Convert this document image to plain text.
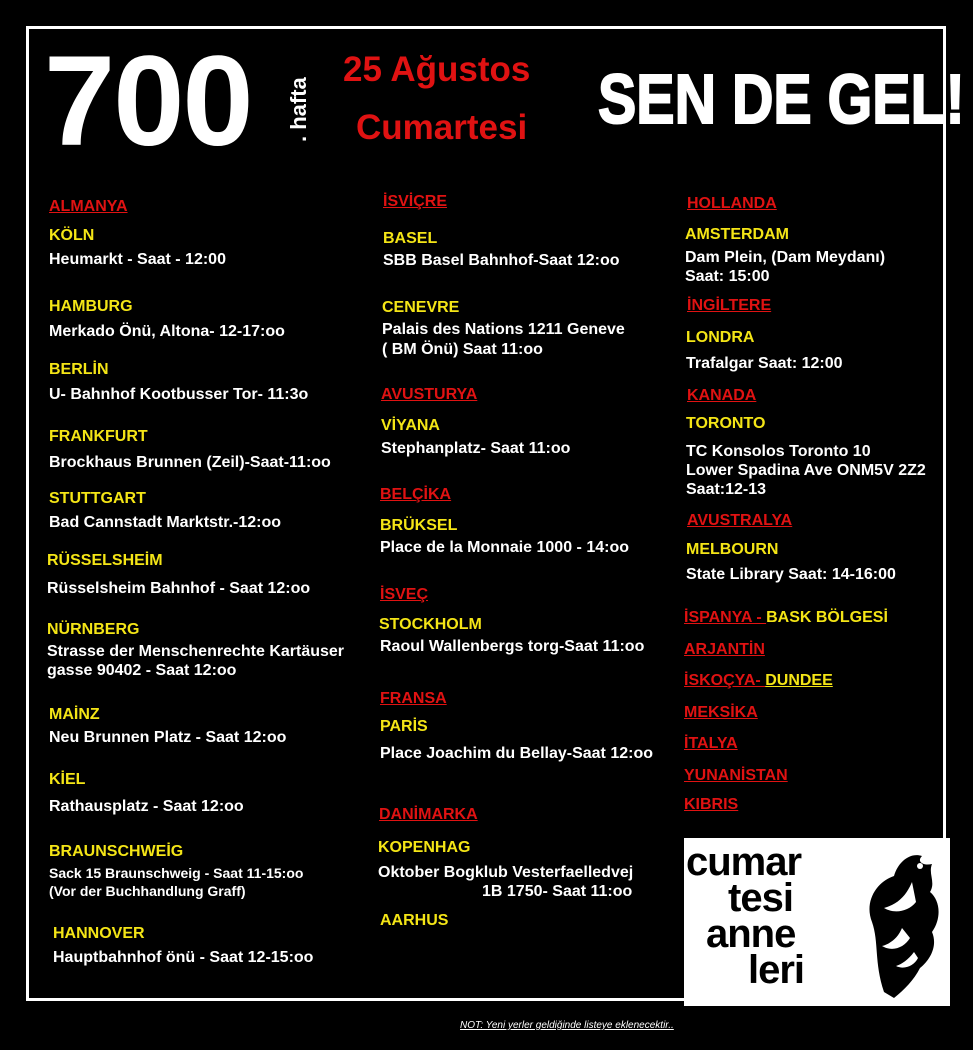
700 . hafta
25 Ağustos
Cumartesi SEN DE GEL!
ALMANYA
KÖLN
Heumarkt - Saat - 12:00
HAMBURG
Merkado Önü, Altona- 12-17:oo
BERLİN
U- Bahnhof Kootbusser Tor- 11:3o
FRANKFURT
Brockhaus Brunnen (Zeil)-Saat-11:oo
STUTTGART
Bad Cannstadt Marktstr.-12:oo
RÜSSELSHEİM
Rüsselsheim Bahnhof - Saat 12:oo
NÜRNBERG
Strasse der Menschenrechte Kartäuser
gasse 90402 - Saat 12:oo
MAİNZ
Neu Brunnen Platz - Saat 12:oo
KİEL
Rathausplatz - Saat 12:oo
BRAUNSCHWEİG
Sack 15 Braunschweig - Saat 11-15:oo
(Vor der Buchhandlung Graff)
HANNOVER
Hauptbahnhof önü - Saat 12-15:oo
İSVİÇRE
BASEL
SBB Basel Bahnhof-Saat 12:oo
CENEVRE
Palais des Nations 1211 Geneve
( BM Önü) Saat 11:oo
AVUSTURYA
VİYANA
Stephanplatz- Saat 11:oo
BELÇİKA
BRÜKSEL
Place de la Monnaie 1000 - 14:oo
İSVEÇ
STOCKHOLM
Raoul Wallenbergs torg-Saat 11:oo
FRANSA
PARİS
Place Joachim du Bellay-Saat 12:oo
DANİMARKA
KOPENHAG
Oktober Bogklub Vesterfaelledvej
1B 1750- Saat 11:oo
AARHUS
HOLLANDA
AMSTERDAM
Dam Plein, (Dam Meydanı)
Saat: 15:00
İNGİLTERE
LONDRA
Trafalgar Saat: 12:00
KANADA
TORONTO
TC Konsolos Toronto 10
Lower Spadina Ave ONM5V 2Z2
Saat:12-13
AVUSTRALYA
MELBOURN
State Library Saat: 14-16:00
İSPANYA - BASK BÖLGESİ
ARJANTİN
İSKOÇYA- DUNDEE
MEKSİKA
İTALYA
YUNANİSTAN
KIBRIS
cumar
tesi
anne
leri
NOT: Yeni yerler geldiğinde listeye eklenecektir..
